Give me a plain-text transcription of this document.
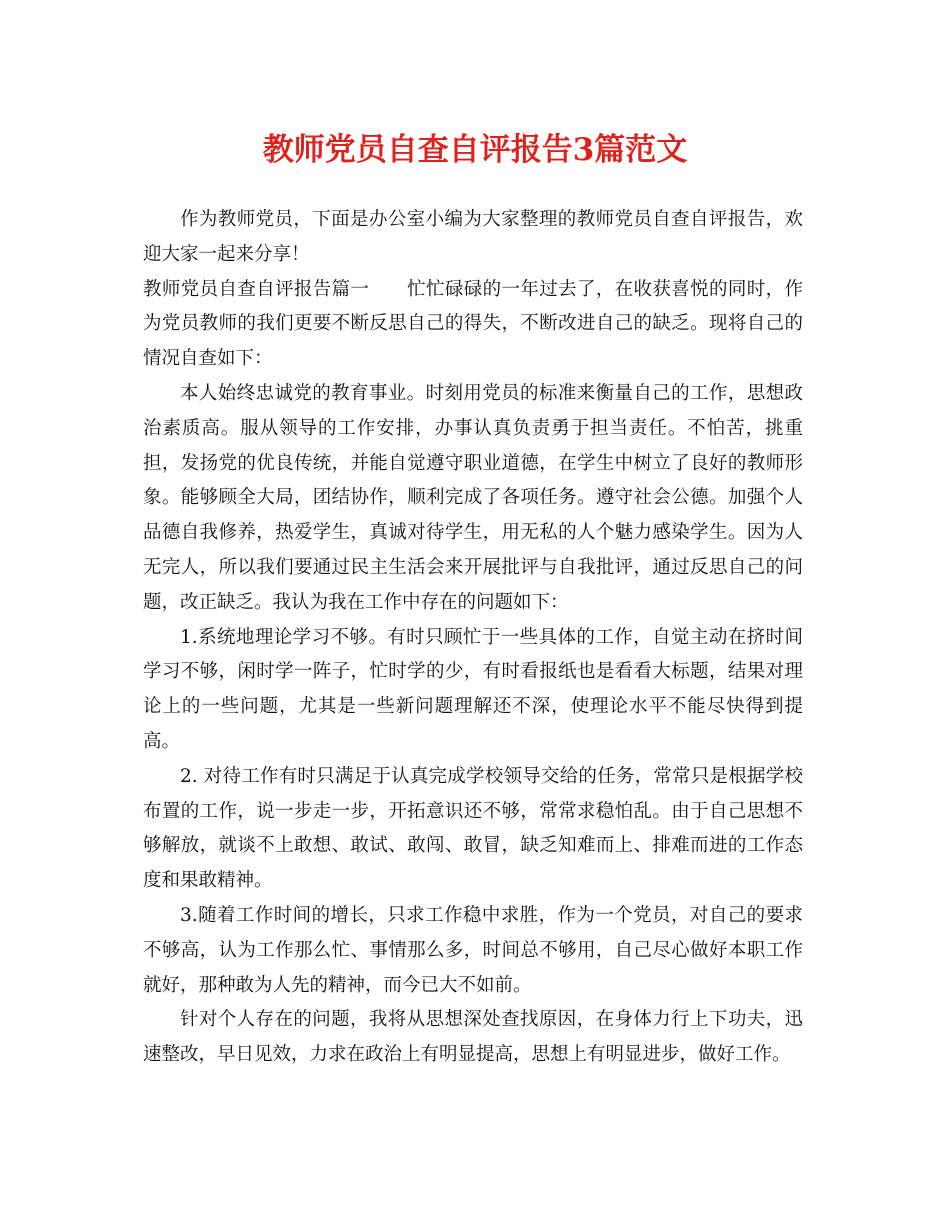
教师党员自查自评报告3篇范文

作为教师党员，下面是办公室小编为大家整理的教师党员自查自评报告，欢迎大家一起来分享！

教师党员自查自评报告篇一　　忙忙碌碌的一年过去了，在收获喜悦的同时，作为党员教师的我们更要不断反思自己的得失，不断改进自己的缺乏。现将自己的情况自查如下：

本人始终忠诚党的教育事业。时刻用党员的标准来衡量自己的工作，思想政治素质高。服从领导的工作安排，办事认真负责勇于担当责任。不怕苦，挑重担，发扬党的优良传统，并能自觉遵守职业道德，在学生中树立了良好的教师形象。能够顾全大局，团结协作，顺利完成了各项任务。遵守社会公德。加强个人品德自我修养，热爱学生，真诚对待学生，用无私的人个魅力感染学生。因为人无完人，所以我们要通过民主生活会来开展批评与自我批评，通过反思自己的问题，改正缺乏。我认为我在工作中存在的问题如下：

1.系统地理论学习不够。有时只顾忙于一些具体的工作，自觉主动在挤时间学习不够，闲时学一阵子，忙时学的少，有时看报纸也是看看大标题，结果对理论上的一些问题，尤其是一些新问题理解还不深，使理论水平不能尽快得到提高。

2. 对待工作有时只满足于认真完成学校领导交给的任务，常常只是根据学校布置的工作，说一步走一步，开拓意识还不够，常常求稳怕乱。由于自己思想不够解放，就谈不上敢想、敢试、敢闯、敢冒，缺乏知难而上、排难而进的工作态度和果敢精神。

3.随着工作时间的增长，只求工作稳中求胜，作为一个党员，对自己的要求不够高，认为工作那么忙、事情那么多，时间总不够用，自己尽心做好本职工作就好，那种敢为人先的精神，而今已大不如前。

针对个人存在的问题，我将从思想深处查找原因，在身体力行上下功夫，迅速整改，早日见效，力求在政治上有明显提高，思想上有明显进步，做好工作。
